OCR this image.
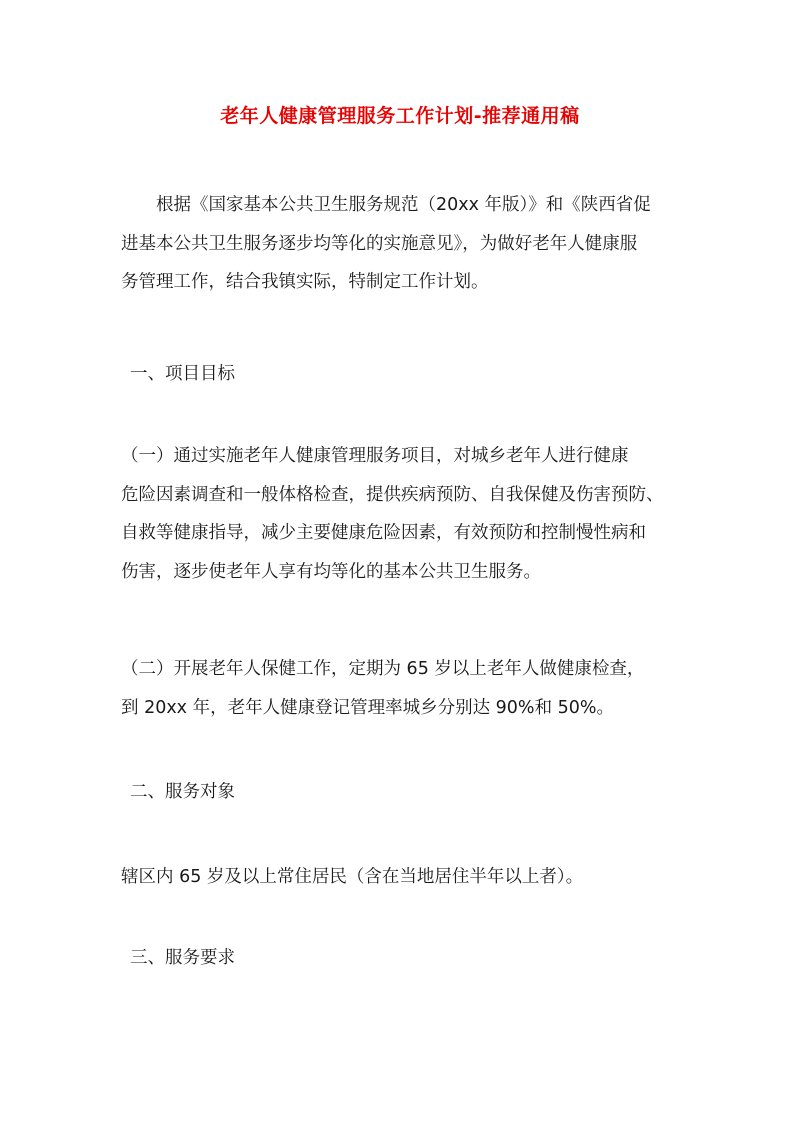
老年人健康管理服务工作计划-推荐通用稿
　　根据《国家基本公共卫生服务规范（20xx 年版）》和《陕西省促
进基本公共卫生服务逐步均等化的实施意见》，为做好老年人健康服
务管理工作，结合我镇实际，特制定工作计划。
一、项目目标
（一）通过实施老年人健康管理服务项目，对城乡老年人进行健康
危险因素调查和一般体格检查，提供疾病预防、自我保健及伤害预防、
自救等健康指导，减少主要健康危险因素，有效预防和控制慢性病和
伤害，逐步使老年人享有均等化的基本公共卫生服务。
（二）开展老年人保健工作，定期为 65 岁以上老年人做健康检查，
到 20xx 年，老年人健康登记管理率城乡分别达 90%和 50%。
二、服务对象
辖区内 65 岁及以上常住居民（含在当地居住半年以上者）。
三、服务要求
